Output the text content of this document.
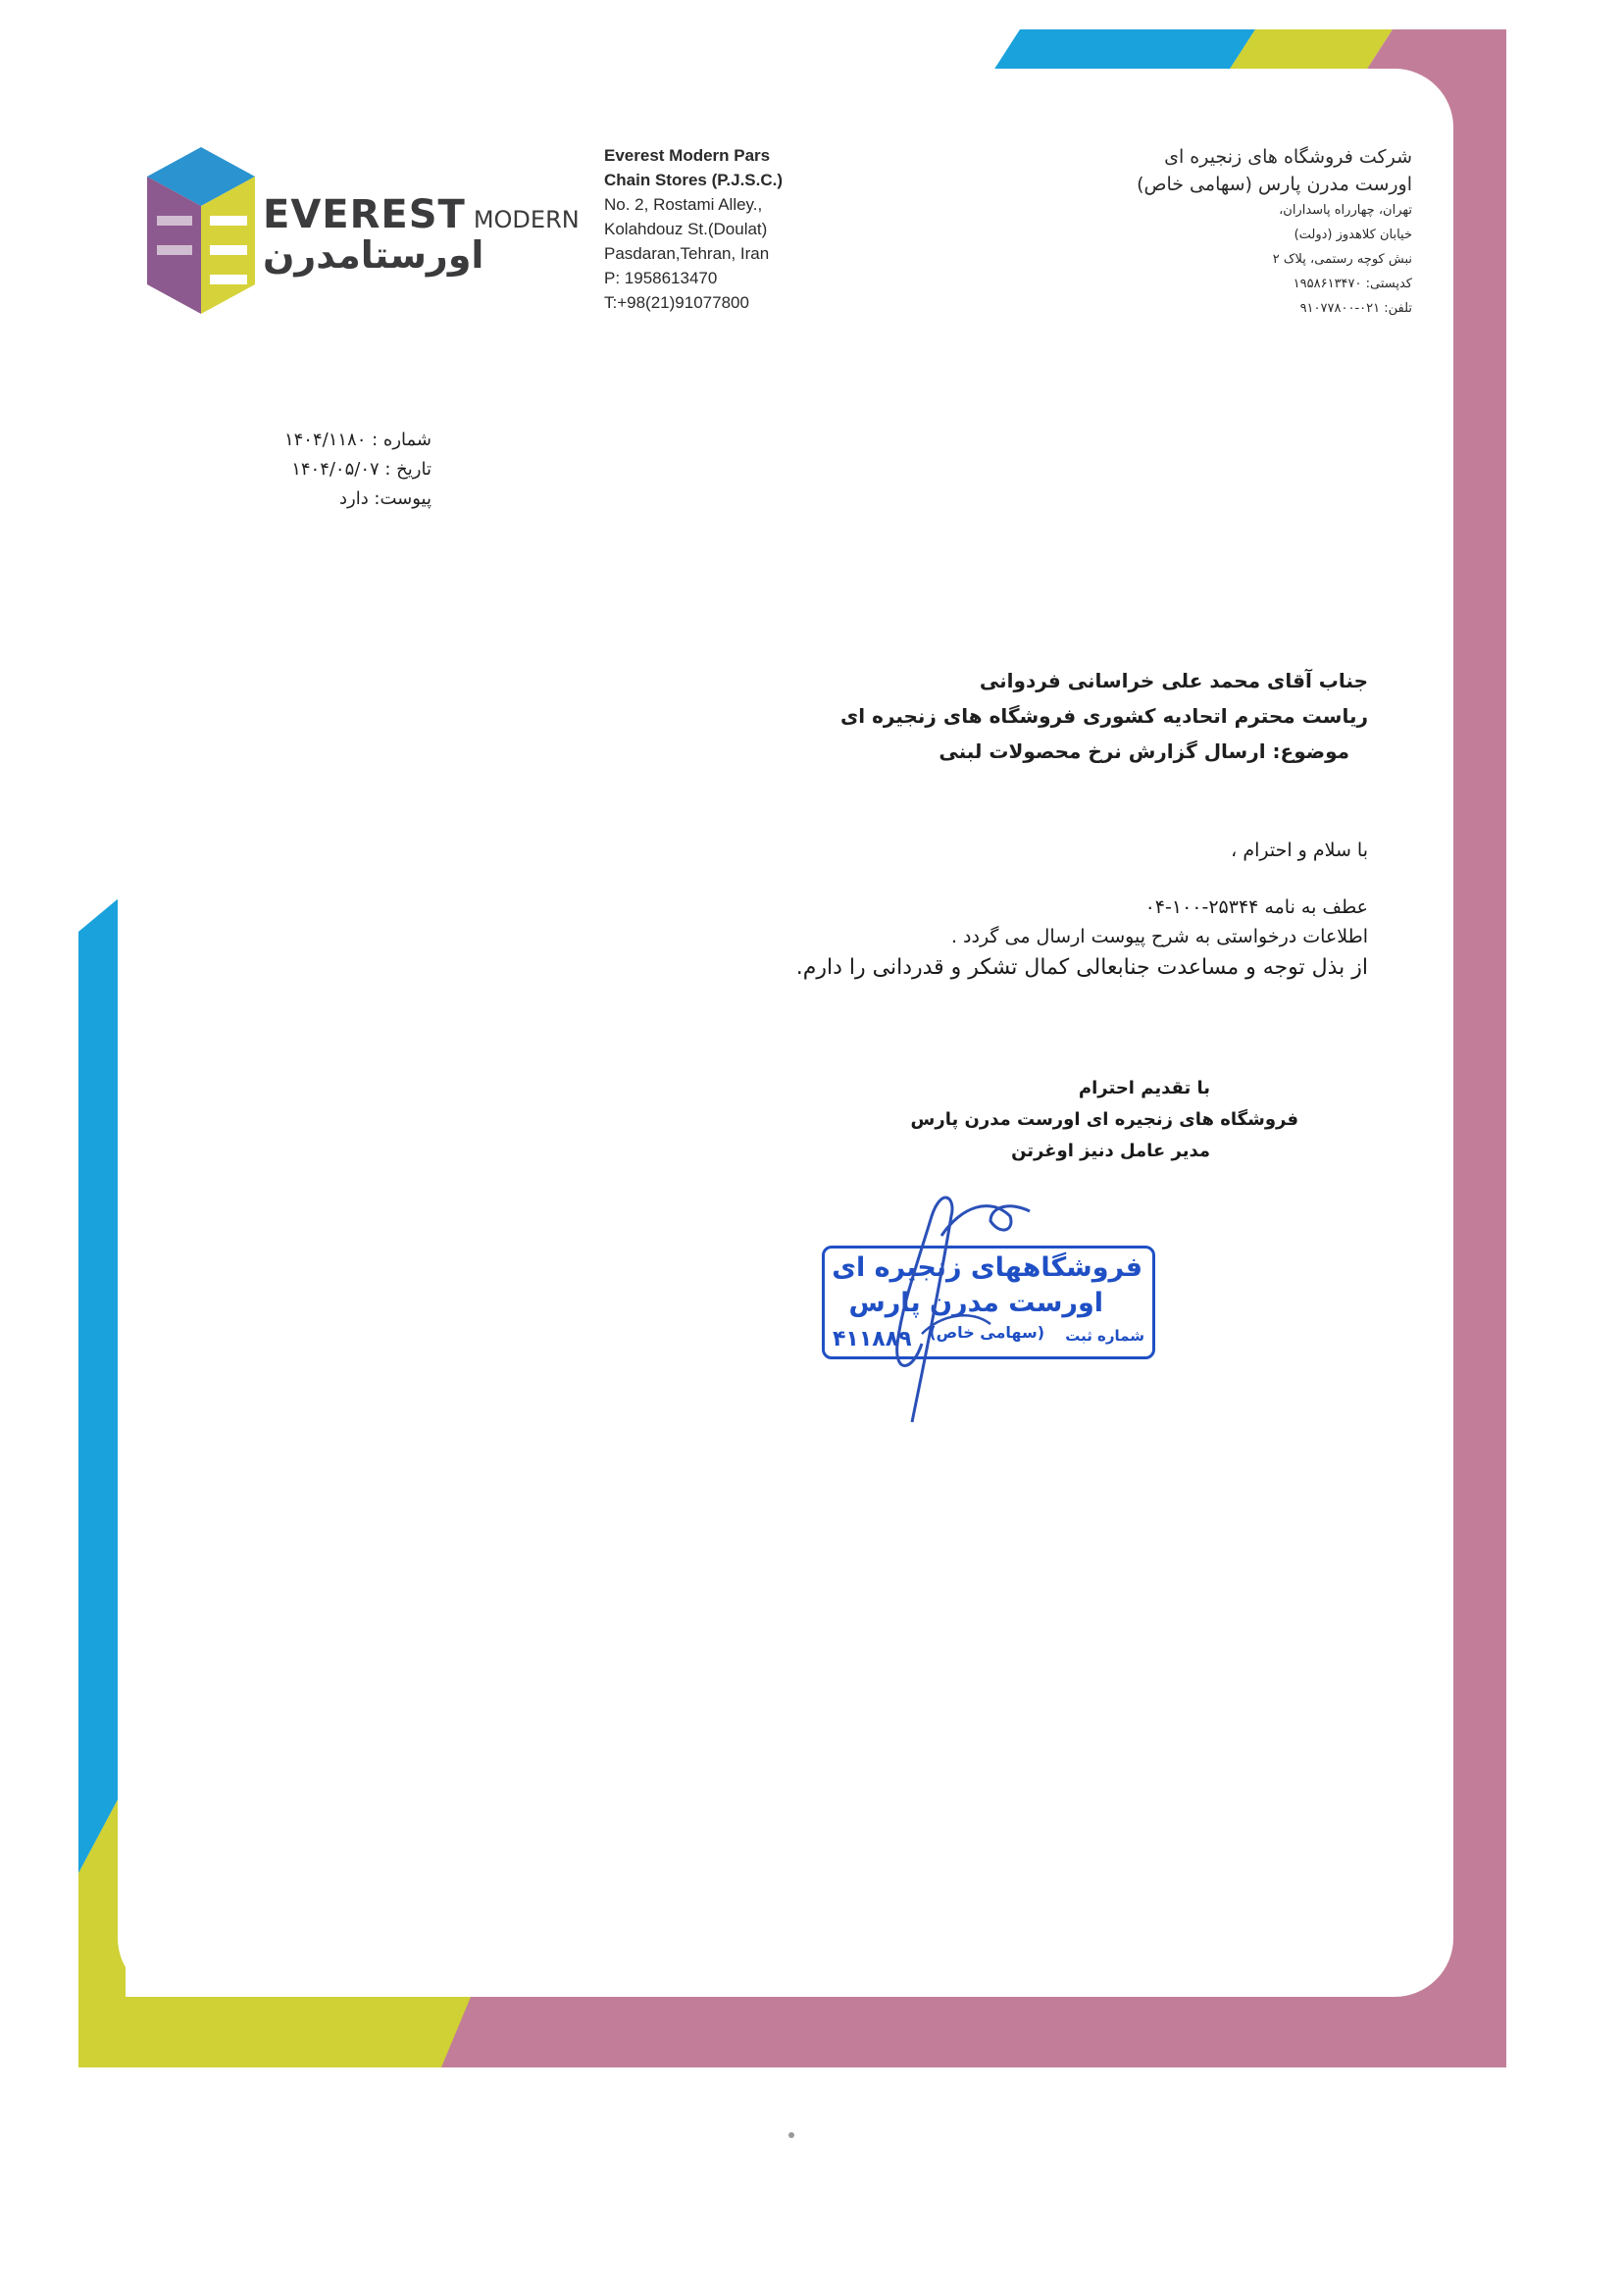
EVEREST MODERN
اورستامدرن
Everest Modern Pars
Chain Stores (P.J.S.C.)
No. 2, Rostami Alley.,
Kolahdouz St.(Doulat)
Pasdaran,Tehran, Iran
P: 1958613470
T:+98(21)91077800
شرکت فروشگاه های زنجیره ای
اورست مدرن پارس (سهامی خاص)
تهران، چهارراه پاسداران،
خیابان کلاهدوز (دولت)
نبش کوچه رستمی، پلاک ۲
کدپستی: ۱۹۵۸۶۱۳۴۷۰
تلفن: ۰۲۱-۹۱۰۷۷۸۰۰
شماره : ۱۴۰۴/۱۱۸۰
تاریخ : ۱۴۰۴/۰۵/۰۷
پیوست: دارد
جناب آقای محمد علی خراسانی فردوانی
ریاست محترم اتحادیه کشوری فروشگاه های زنجیره ای
موضوع: ارسال گزارش نرخ محصولات لبنی
با سلام و احترام ،
عطف به نامه ۲۵۳۴۴-۱۰۰-۰۴
اطلاعات درخواستی به شرح پیوست ارسال می گردد .
از بذل توجه و مساعدت جنابعالی کمال تشکر و قدردانی را دارم.
با تقدیم احترام
فروشگاه های زنجیره ای اورست مدرن پارس
مدیر عامل دنیز اوغرتن
فروشگاههای زنجیره ای
اورست مدرن پارس
شماره ثبت
(سهامی خاص)
۴۱۱۸۸۹
